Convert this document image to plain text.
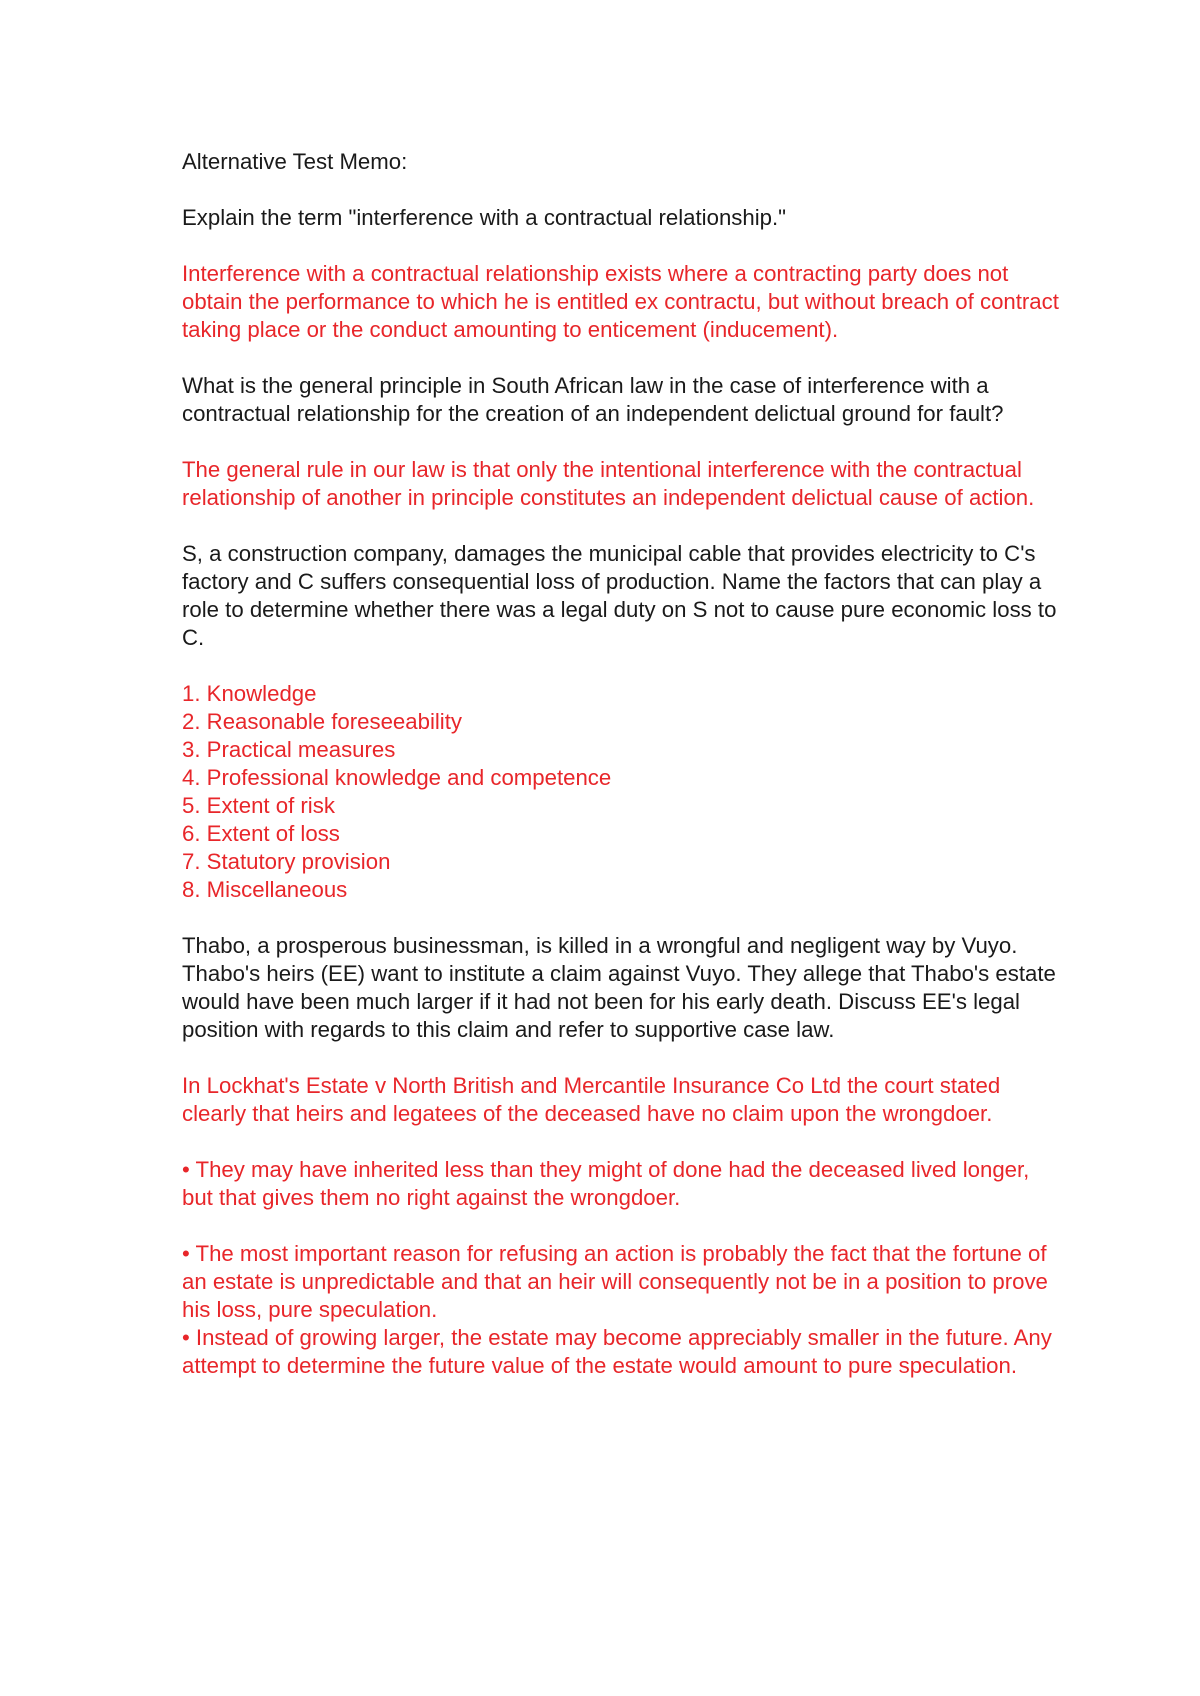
Alternative Test Memo:

Explain the term "interference with a contractual relationship."

Interference with a contractual relationship exists where a contracting party does not obtain the performance to which he is entitled ex contractu, but without breach of contract taking place or the conduct amounting to enticement (inducement).

What is the general principle in South African law in the case of interference with a contractual relationship for the creation of an independent delictual ground for fault?

The general rule in our law is that only the intentional interference with the contractual relationship of another in principle constitutes an independent delictual cause of action.

S, a construction company, damages the municipal cable that provides electricity to C's factory and C suffers consequential loss of production. Name the factors that can play a role to determine whether there was a legal duty on S not to cause pure economic loss to C.

1. Knowledge
2. Reasonable foreseeability
3. Practical measures
4. Professional knowledge and competence
5. Extent of risk
6. Extent of loss
7. Statutory provision
8. Miscellaneous

Thabo, a prosperous businessman, is killed in a wrongful and negligent way by Vuyo. Thabo's heirs (EE) want to institute a claim against Vuyo. They allege that Thabo's estate would have been much larger if it had not been for his early death. Discuss EE's legal position with regards to this claim and refer to supportive case law.

In Lockhat's Estate v North British and Mercantile Insurance Co Ltd the court stated clearly that heirs and legatees of the deceased have no claim upon the wrongdoer.

• They may have inherited less than they might of done had the deceased lived longer, but that gives them no right against the wrongdoer.

• The most important reason for refusing an action is probably the fact that the fortune of an estate is unpredictable and that an heir will consequently not be in a position to prove his loss, pure speculation.

• Instead of growing larger, the estate may become appreciably smaller in the future. Any attempt to determine the future value of the estate would amount to pure speculation.
